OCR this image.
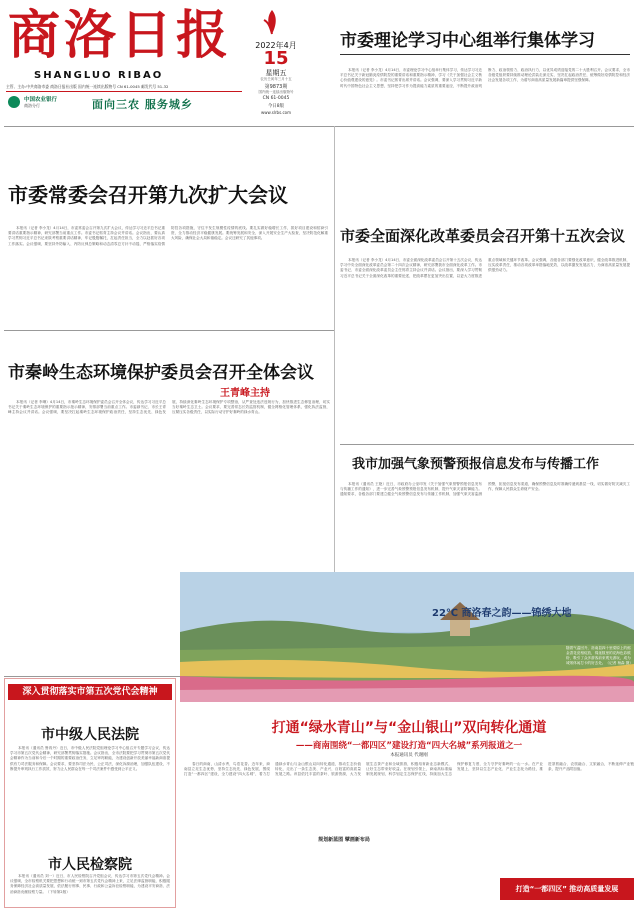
商洛日报
SHANGLUO RIBAO
2022年4月
15
星期五
农历壬寅年三月十五
第9873期
国内统一连续出版物号
CN 61-0045
今日8版
www.slrbs.com
主管、主办:中共商洛市委 商洛日报社出版 国内统一连续出版物号 CN 61-0045 邮发代号 51-32
中国农业银行
商洛分行	面向三农 服务城乡
市委理论学习中心组举行集体学习

本报讯（记者 李小龙）4月14日，市委理论学习中心组举行集体学习，传达学习习近平总书记关于新冠肺炎疫情防控的重要讲话和重要指示精神，学习《关于加强社会主义核心价值观建设的意见》。市委书记郭青出席并讲话。会议强调，要深入学习贯彻习近平新时代中国特色社会主义思想，坚持把学习作为提高能力素质的重要途径，不断提升政治判断力、政治领悟力、政治执行力，以优异成绩迎接党的二十大胜利召开。会议要求，全市各级党组织要持续推动理论武装走深走实，坚决扛起政治责任，统筹做好疫情防控和经济社会发展各项工作，为谱写商洛高质量发展新篇章提供坚强保障。

市委常委会召开第九次扩大会议

本报讯（记者 李小龙）4月14日，市委常委会召开第九次扩大会议，传达学习习近平总书记重要讲话重要指示精神，研究部署当前重点工作。市委书记郭青主持会议并讲话。会议指出，要认真学习贯彻习近平总书记来陕考察重要讲话精神，牢记殷殷嘱托，扛起责任担当，全力以赴抓好各项工作落实。会议强调，要坚持外防输入、内防反弹总策略和动态清零总方针不动摇，严格落实疫情防控各项措施，守住不发生规模性疫情的底线。要扎实做好稳增长工作，抓好项目建设和招商引资，全力推动经济平稳健康发展。要统筹发展和安全，深入开展安全生产大检查，坚决防范化解重大风险，确保社会大局和谐稳定。会议还研究了其他事项。	市委全面深化改革委员会召开第十五次会议

本报讯（记者 李小龙）4月14日，市委全面深化改革委员会召开第十五次会议，传达学习中央全面深化改革委员会第二十四次会议精神，研究部署我市全面深化改革工作。市委书记、市委全面深化改革委员会主任郭青主持会议并讲话。会议指出，要深入学习贯彻习近平总书记关于全面深化改革的重要论述，把改革摆在更加突出位置，以更大力度推进重点领域和关键环节改革。会议强调，各级各部门要强化改革意识，健全改革推进机制，压实改革责任，推动各项改革举措落地见效，以改革激发发展活力，为商洛高质量发展提供强劲动力。

市秦岭生态环境保护委员会召开全体会议
王青峰主持

本报讯（记者 李琳）4月14日，市秦岭生态环境保护委员会召开全体会议，传达学习习近平总书记关于秦岭生态环境保护的重要指示批示精神，安排部署当前重点工作。市委副书记、市长王青峰主持会议并讲话。会议强调，要坚决扛起秦岭生态环境保护政治责任，坚持生态优先、绿色发展，持续深化秦岭生态环境保护专项整治，从严查处违法违规行为，加快推进生态修复治理，切实当好秦岭生态卫士。会议要求，要完善常态长效监管机制，健全网格化管理体系，强化执法监督，压紧压实各级责任，以实际行动守护好秦岭的绿水青山。

我市加强气象预警预报信息发布与传播工作

本报讯（通讯员 王艳）近日，市政府办公室印发《关于加强气象预警预报信息发布与传播工作的通知》，进一步完善气象预警预报信息发布机制，提升气象灾害防御能力。通知要求，各级各部门要建立健全气象预警信息发布与传播工作机制，加强气象灾害监测预警，拓宽信息发布渠道，确保预警信息及时准确传递到基层一线，切实做好防灾减灾工作，保障人民群众生命财产安全。

深入贯彻落实市第五次党代会精神
市中级人民法院

本报讯（通讯员 鲁再丹）近日，市中级人民法院党组理论学习中心组召开专题学习会议，传达学习市第五次党代会精神，研究部署贯彻落实措施。会议指出，全市法院要把学习贯彻市第五次党代会精神作为当前和今后一个时期的重要政治任务，立足审判职能，为建设创新开放美丽幸福新商洛提供有力司法服务和保障。会议要求，要坚持司法为民、公正司法，深化诉源治理，加强队伍建设，不断提升审判执行工作质效，努力让人民群众在每一个司法案件中感受到公平正义。

市人民检察院

本报讯（通讯员 刘一）近日，市人民检察院召开党组会议，传达学习市第五次党代会精神。会议强调，全市检察机关要把思想和行动统一到市第五次党代会精神上来，立足法律监督职能，积极服务保障经济社会高质量发展，依法履行刑事、民事、行政和公益诉讼检察职能，为建设平安商洛、法治商洛贡献检察力量。（下转第2版）

22℃ 商洛春之韵——锦绣大地
随着气温回升，洛南县四十里梁原上的郁金香花竞相绽放，绵延数里的花海色彩缤纷，吸引了众多游客前来观光游玩，成为城郊休闲打卡的好去处。（记者 杨森 摄）
打通“绿水青山”与“金山银山”双向转化通道
——商南围绕“一都四区”建设打造“四大名城”系列报道之一
本报通讯员 代谢刚
规划新蓝图 擘画新布局

春日的商南，山清水秀，鸟语花香。近年来，商南县立足生态优势，坚持生态优先、绿色发展，围绕打造“一都四区”建设，全力建设“四大名城”，着力打通绿水青山与金山银山双向转化通道，推动生态价值转化，走出了一条生态美、产业兴、百姓富的高质量发展之路。该县依托丰富的茶叶、旅游资源，大力发展生态茶产业和全域旅游，积极培育新业态新模式，让好生态带来好收益。在规划引领上，商南高标准编制发展规划，科学划定生态保护红线，持续加大生态保护修复力度，全力守护好秦岭的一山一水。在产业发展上，坚持以生态产业化、产业生态化为路径，推进茶旅融合、农旅融合、文旅融合，不断延伸产业链条，提升产品附加值。

打造“一都四区” 推动高质量发展
